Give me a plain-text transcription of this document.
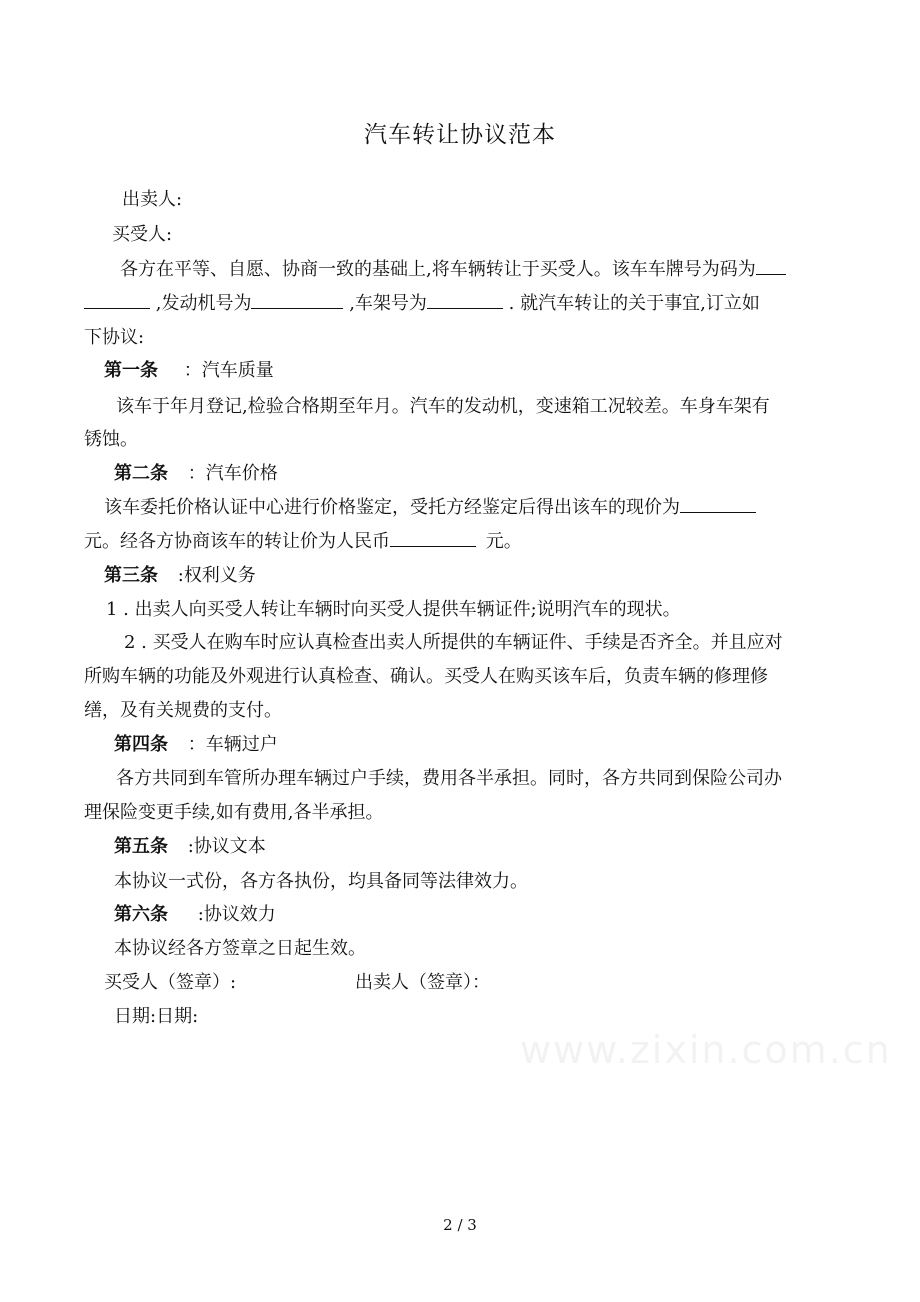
汽车转让协议范本
出卖人:
买受人:
各方在平等、自愿、协商一致的基础上,将车辆转让于买受人。该车车牌号为码为
,发动机号为	,车架号为	. 就汽车转让的关于事宜,订立如
下协议:
第一条 ：汽车质量
该车于年月登记,检验合格期至年月。汽车的发动机，变速箱工况较差。车身车架有
锈蚀。
第二条 ：汽车价格
该车委托价格认证中心进行价格鉴定，受托方经鉴定后得出该车的现价为
元。经各方协商该车的转让价为人民币	元。
第三条 :权利义务
1 . 出卖人向买受人转让车辆时向买受人提供车辆证件;说明汽车的现状。
2 . 买受人在购车时应认真检查出卖人所提供的车辆证件、手续是否齐全。并且应对
所购车辆的功能及外观进行认真检查、确认。买受人在购买该车后，负责车辆的修理修
缮，及有关规费的支付。
第四条 ：车辆过户
各方共同到车管所办理车辆过户手续，费用各半承担。同时，各方共同到保险公司办
理保险变更手续,如有费用,各半承担。
第五条 :协议文本
本协议一式份，各方各执份，均具备同等法律效力。
第六条 :协议效力
本协议经各方签章之日起生效。
买受人（签章）:	出卖人（签章）：
日期:日期:
www.zixin.com.cn
2 / 3
